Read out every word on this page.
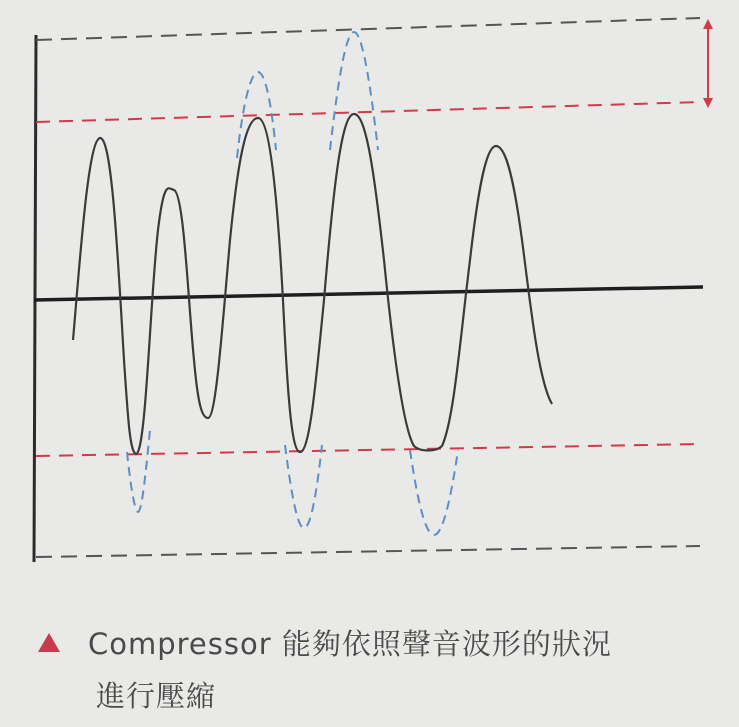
Compressor 能夠依照聲音波形的狀況
進行壓縮
